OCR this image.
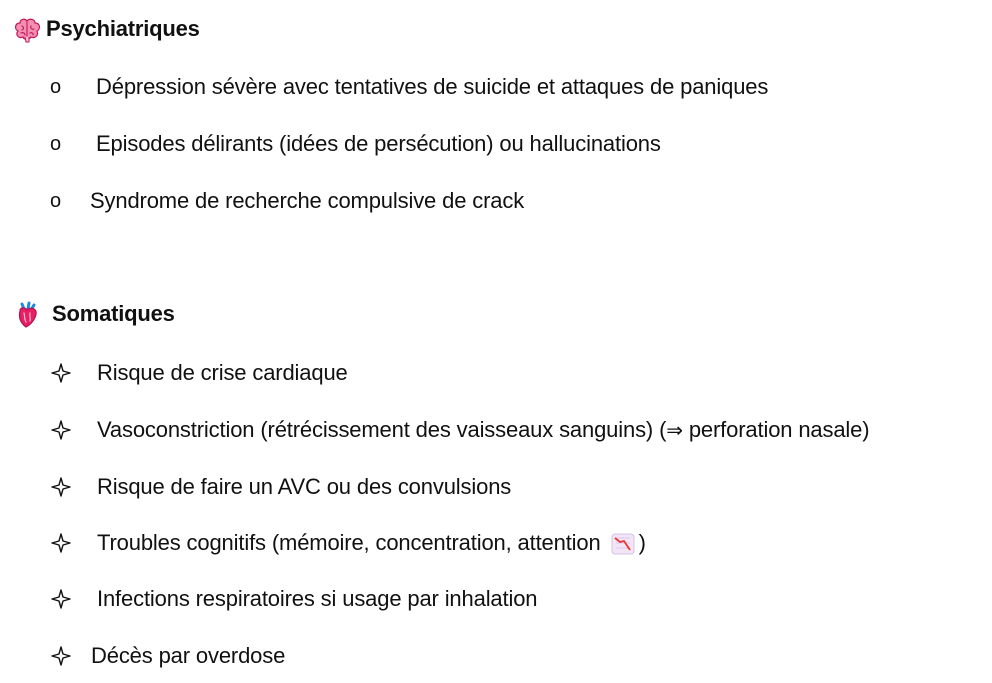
Psychiatriques
o	Dépression sévère avec tentatives de suicide et attaques de paniques
o	Episodes délirants (idées de persécution) ou hallucinations
o	Syndrome de recherche compulsive de crack
Somatiques
Risque de crise cardiaque
Vasoconstriction (rétrécissement des vaisseaux sanguins) (⇒ perforation nasale)
Risque de faire un AVC ou des convulsions
Troubles cognitifs (mémoire, concentration, attention )
Infections respiratoires si usage par inhalation
Décès par overdose
